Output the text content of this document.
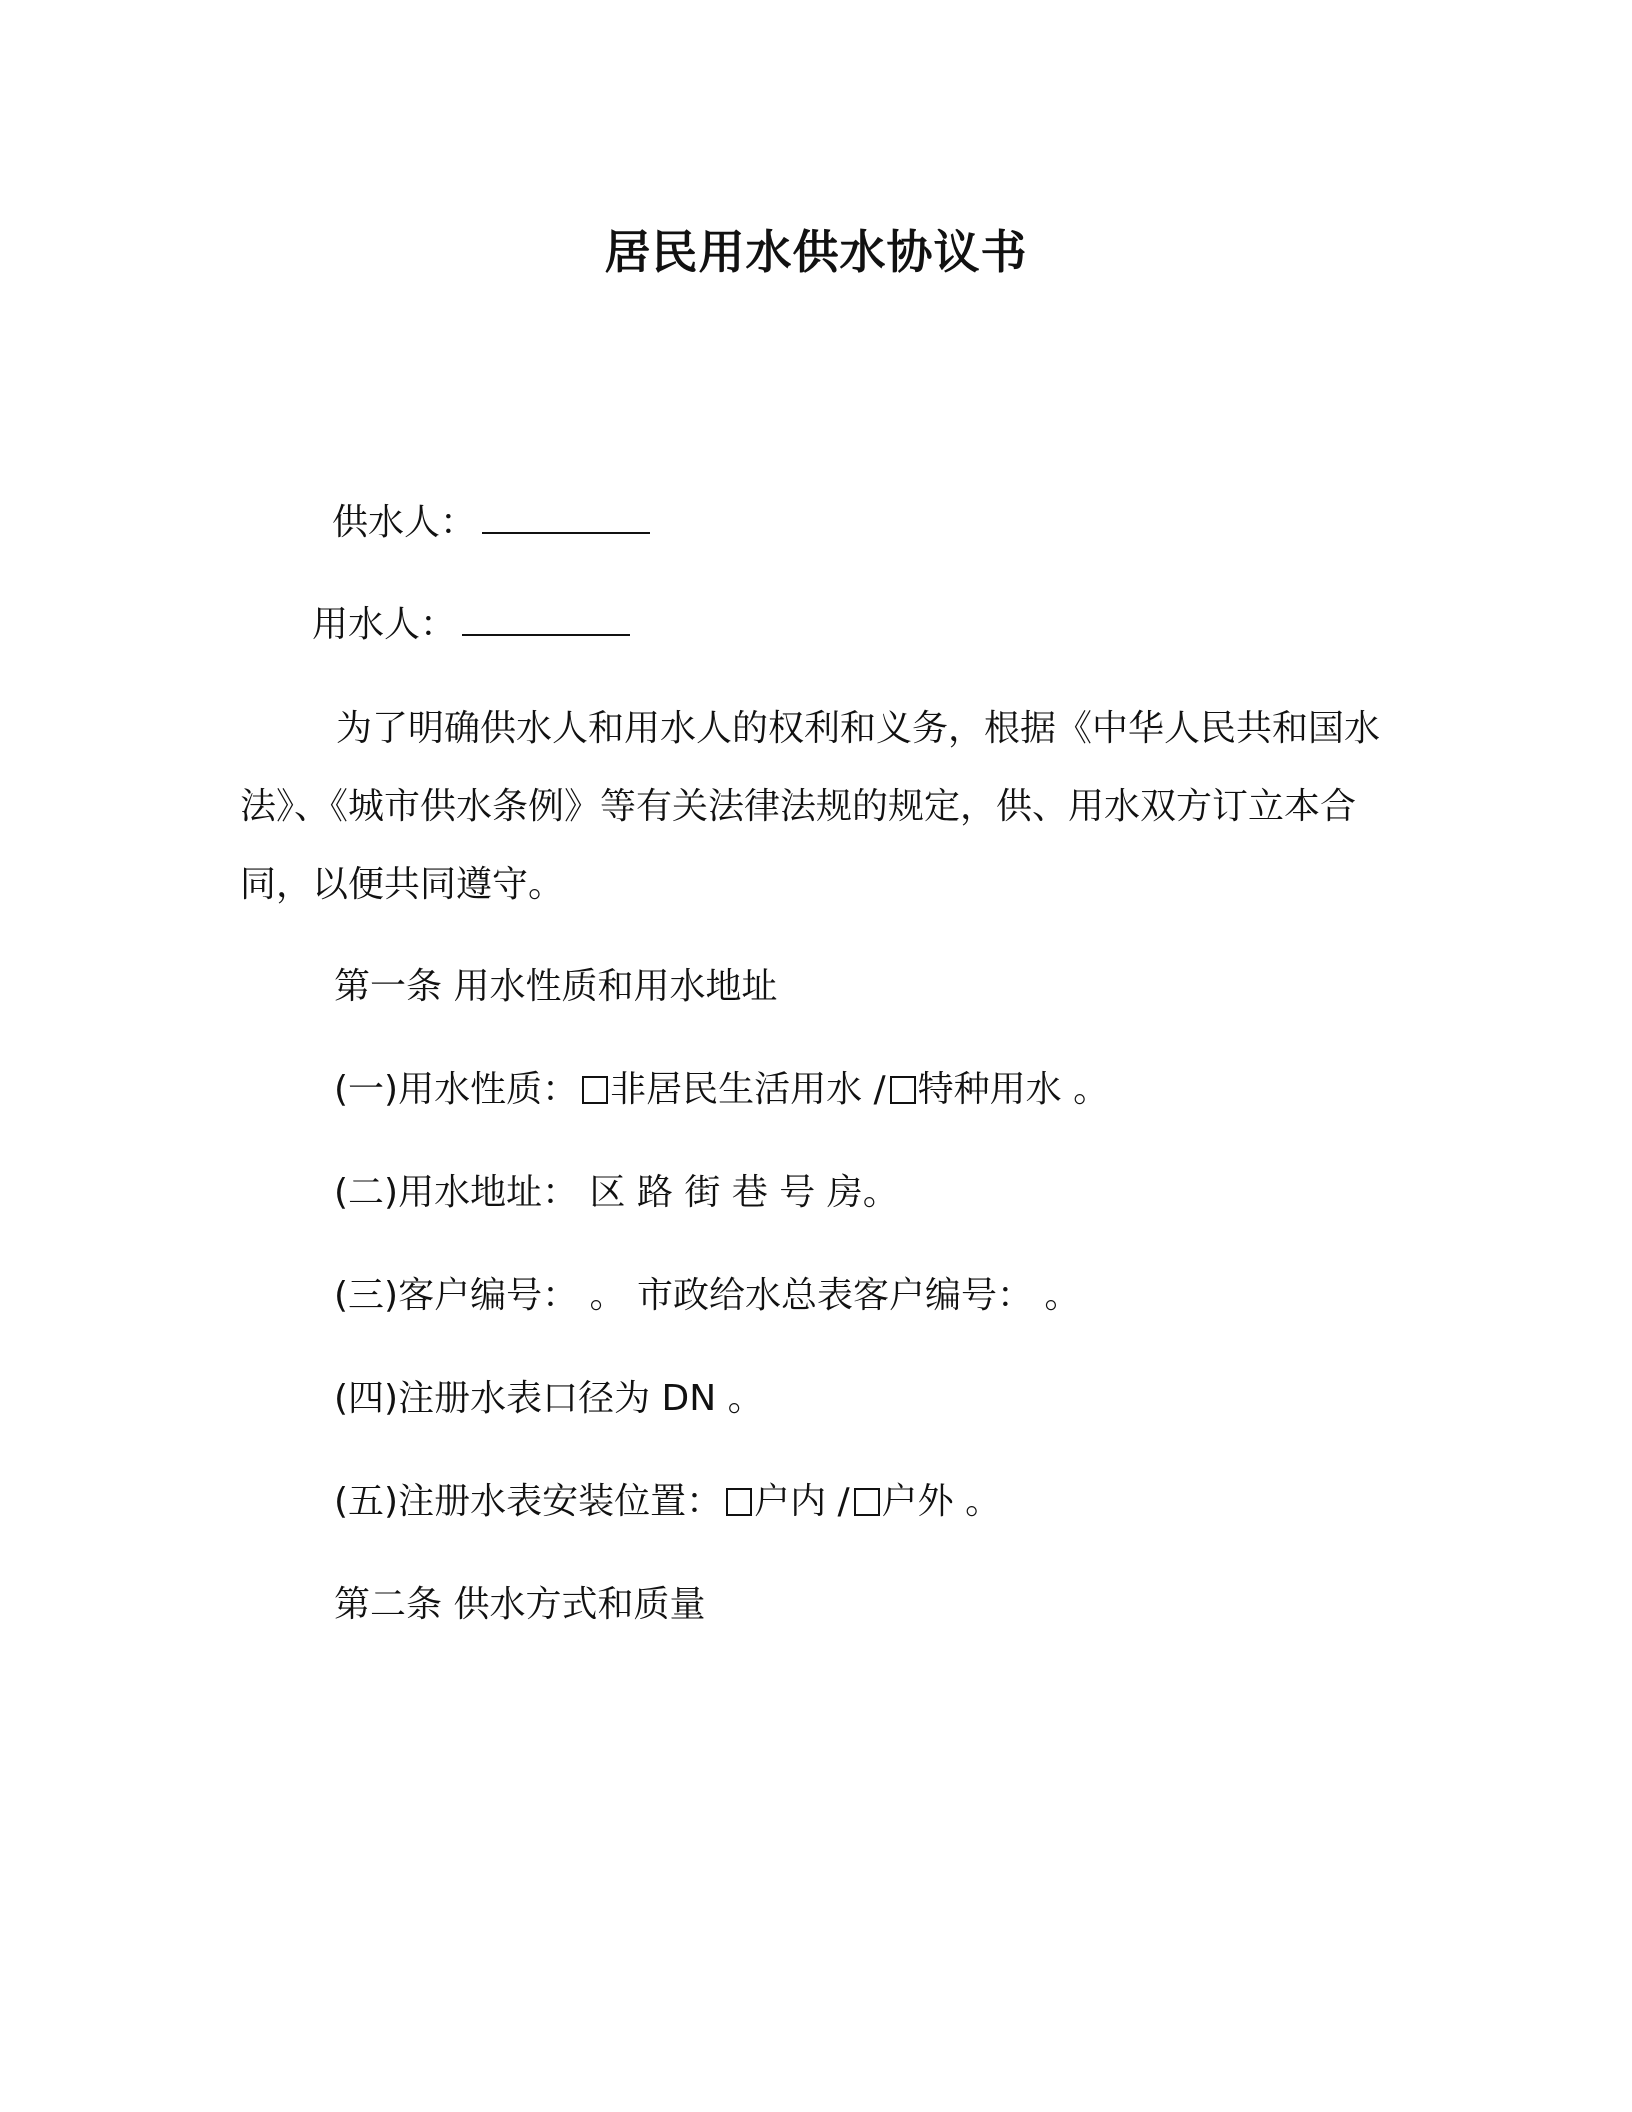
居民用水供水协议书
供水人：
用水人：
为了明确供水人和用水人的权利和义务，根据《中华人民共和国水法》、《城市供水条例》等有关法律法规的规定，供、用水双方订立本合同，以便共同遵守。
第一条 用水性质和用水地址
(一)用水性质： 非居民生活用水 / 特种用水 。
(二)用水地址： 区 路 街 巷 号 房。
(三)客户编号： 。 市政给水总表客户编号： 。
(四)注册水表口径为 DN 。
(五)注册水表安装位置： 户内 / 户外 。
第二条 供水方式和质量
